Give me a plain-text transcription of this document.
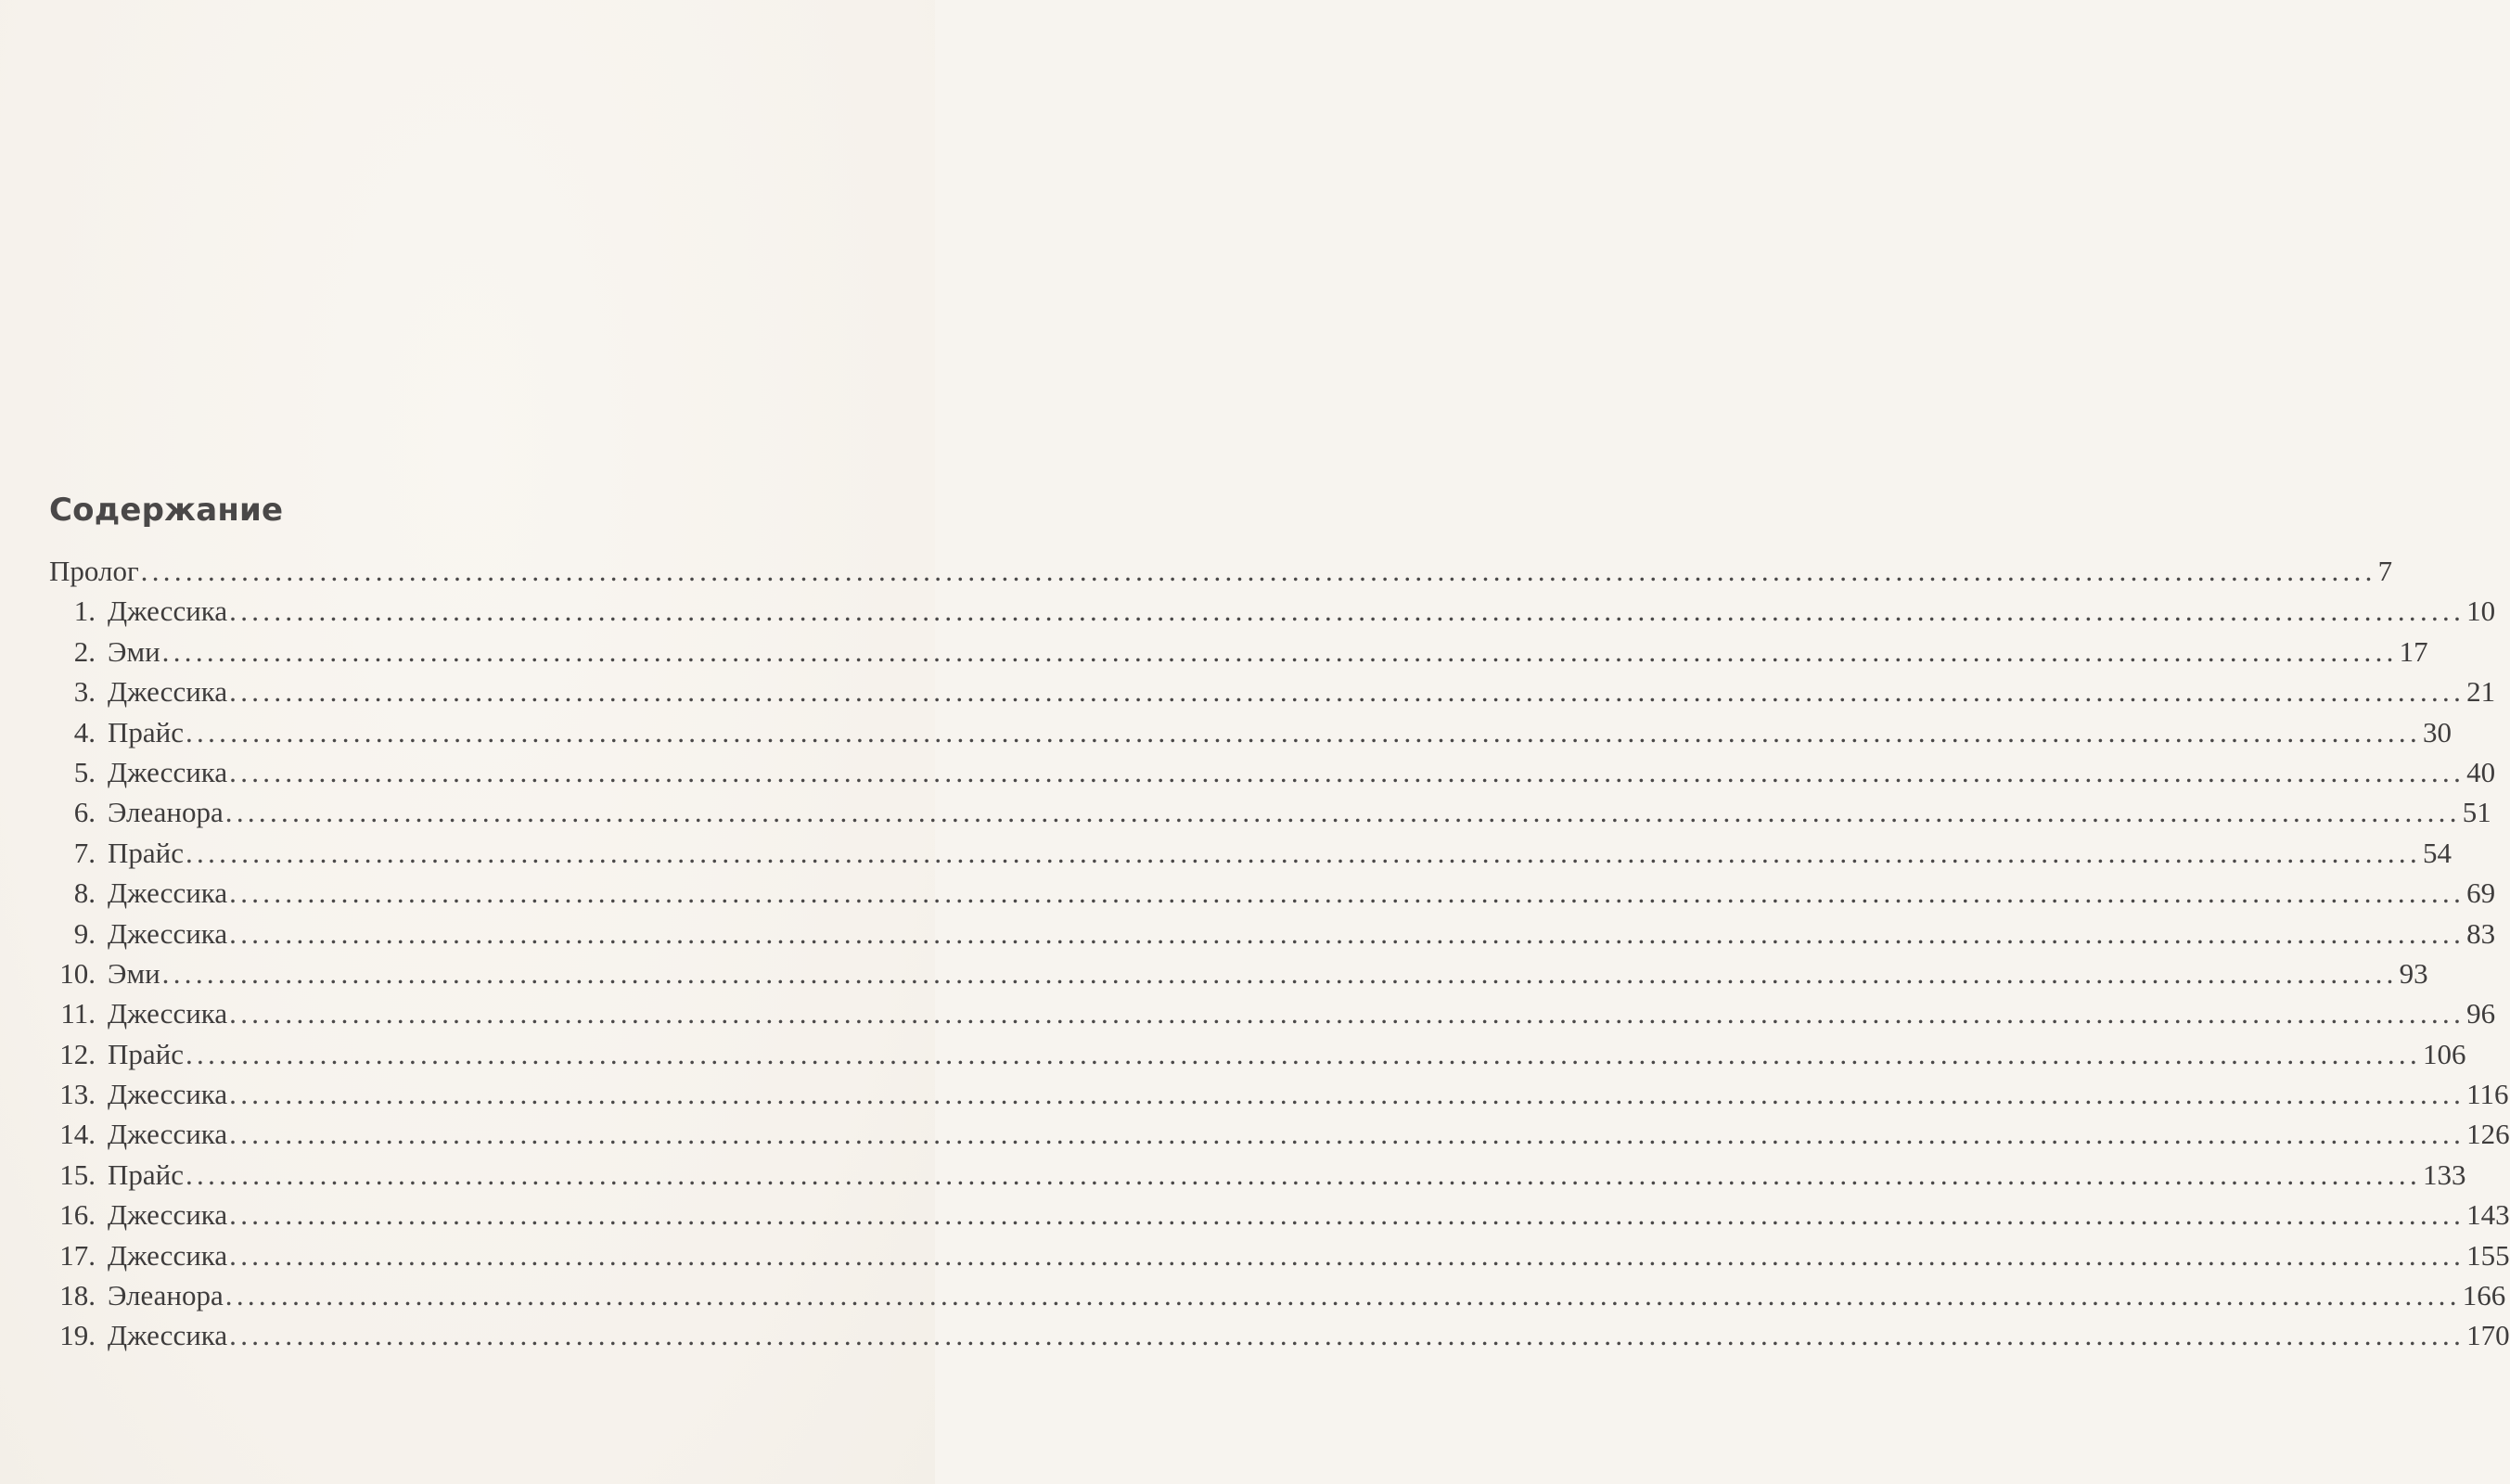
Содержание
Пролог ........................................................................................................................................................................................................ 7
1. Джессика ........................................................................................................................................................................................................ 10
2. Эми ........................................................................................................................................................................................................ 17
3. Джессика ........................................................................................................................................................................................................ 21
4. Прайс ........................................................................................................................................................................................................ 30
5. Джессика ........................................................................................................................................................................................................ 40
6. Элеанора ........................................................................................................................................................................................................ 51
7. Прайс ........................................................................................................................................................................................................ 54
8. Джессика ........................................................................................................................................................................................................ 69
9. Джессика ........................................................................................................................................................................................................ 83
10. Эми ........................................................................................................................................................................................................ 93
11. Джессика ........................................................................................................................................................................................................ 96
12. Прайс ........................................................................................................................................................................................................ 106
13. Джессика ........................................................................................................................................................................................................ 116
14. Джессика ........................................................................................................................................................................................................ 126
15. Прайс ........................................................................................................................................................................................................ 133
16. Джессика ........................................................................................................................................................................................................ 143
17. Джессика ........................................................................................................................................................................................................ 155
18. Элеанора ........................................................................................................................................................................................................ 166
19. Джессика ........................................................................................................................................................................................................ 170
